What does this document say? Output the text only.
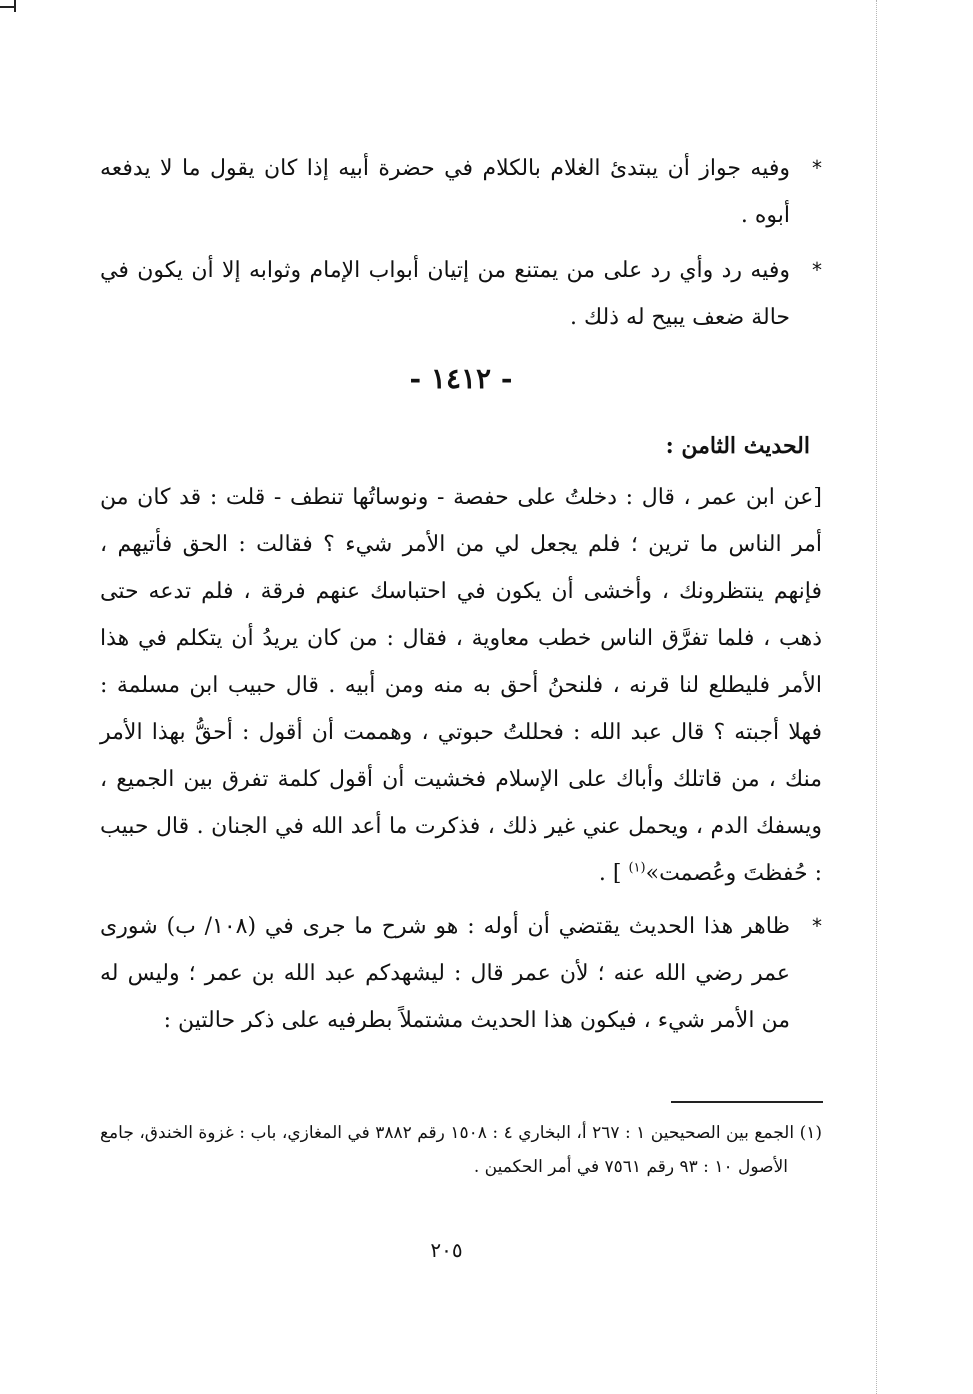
*وفيه جواز أن يبتدئ الغلام بالكلام في حضرة أبيه إذا كان يقول ما لا يدفعه أبوه .

*وفيه رد وأي رد على من يمتنع من إتيان أبواب الإمام وثوابه إلا أن يكون في حالة ضعف يبيح له ذلك .

- ١٤١٢ -

الحديث الثامن :

[عن ابن عمر ، قال : دخلتُ على حفصة - ونوساتُها تنطف - قلت : قد كان من أمر الناس ما ترين ؛ فلم يجعل لي من الأمر شيء ؟ فقالت : الحق فأتيهم ، فإنهم ينتظرونك ، وأخشى أن يكون في احتباسك عنهم فرقة ، فلم تدعه حتى ذهب ، فلما تفرَّق الناس خطب معاوية ، فقال : من كان يريدُ أن يتكلم في هذا الأمر فليطلع لنا قرنه ، فلنحنُ أحق به منه ومن أبيه . قال حبيب ابن مسلمة : فهلا أجبته ؟ قال عبد الله : فحللتُ حبوتي ، وهممت أن أقول : أحقُّ بهذا الأمر منك ، من قاتلك وأباك على الإسلام فخشيت أن أقول كلمة تفرق بين الجميع ، ويسفك الدم ، ويحمل عني غير ذلك ، فذكرت ما أعد الله في الجنان . قال حبيب : حُفظتَ وعُصمت»$^{(١)}$ ] .

*ظاهر هذا الحديث يقتضي أن أوله : هو شرح ما جرى في (١٠٨/ ب) شورى عمر رضي الله عنه ؛ لأن عمر قال : ليشهدكم عبد الله بن عمر ؛ وليس له من الأمر شيء ، فيكون هذا الحديث مشتملاً بطرفيه على ذكر حالتين :

(١) الجمع بين الصحيحين ١ : ٢٦٧ أ، البخاري ٤ : ١٥٠٨ رقم ٣٨٨٢ في المغازي، باب : غزوة الخندق، جامع الأصول ١٠ : ٩٣ رقم ٧٥٦١ في أمر الحكمين .

٢٠٥
